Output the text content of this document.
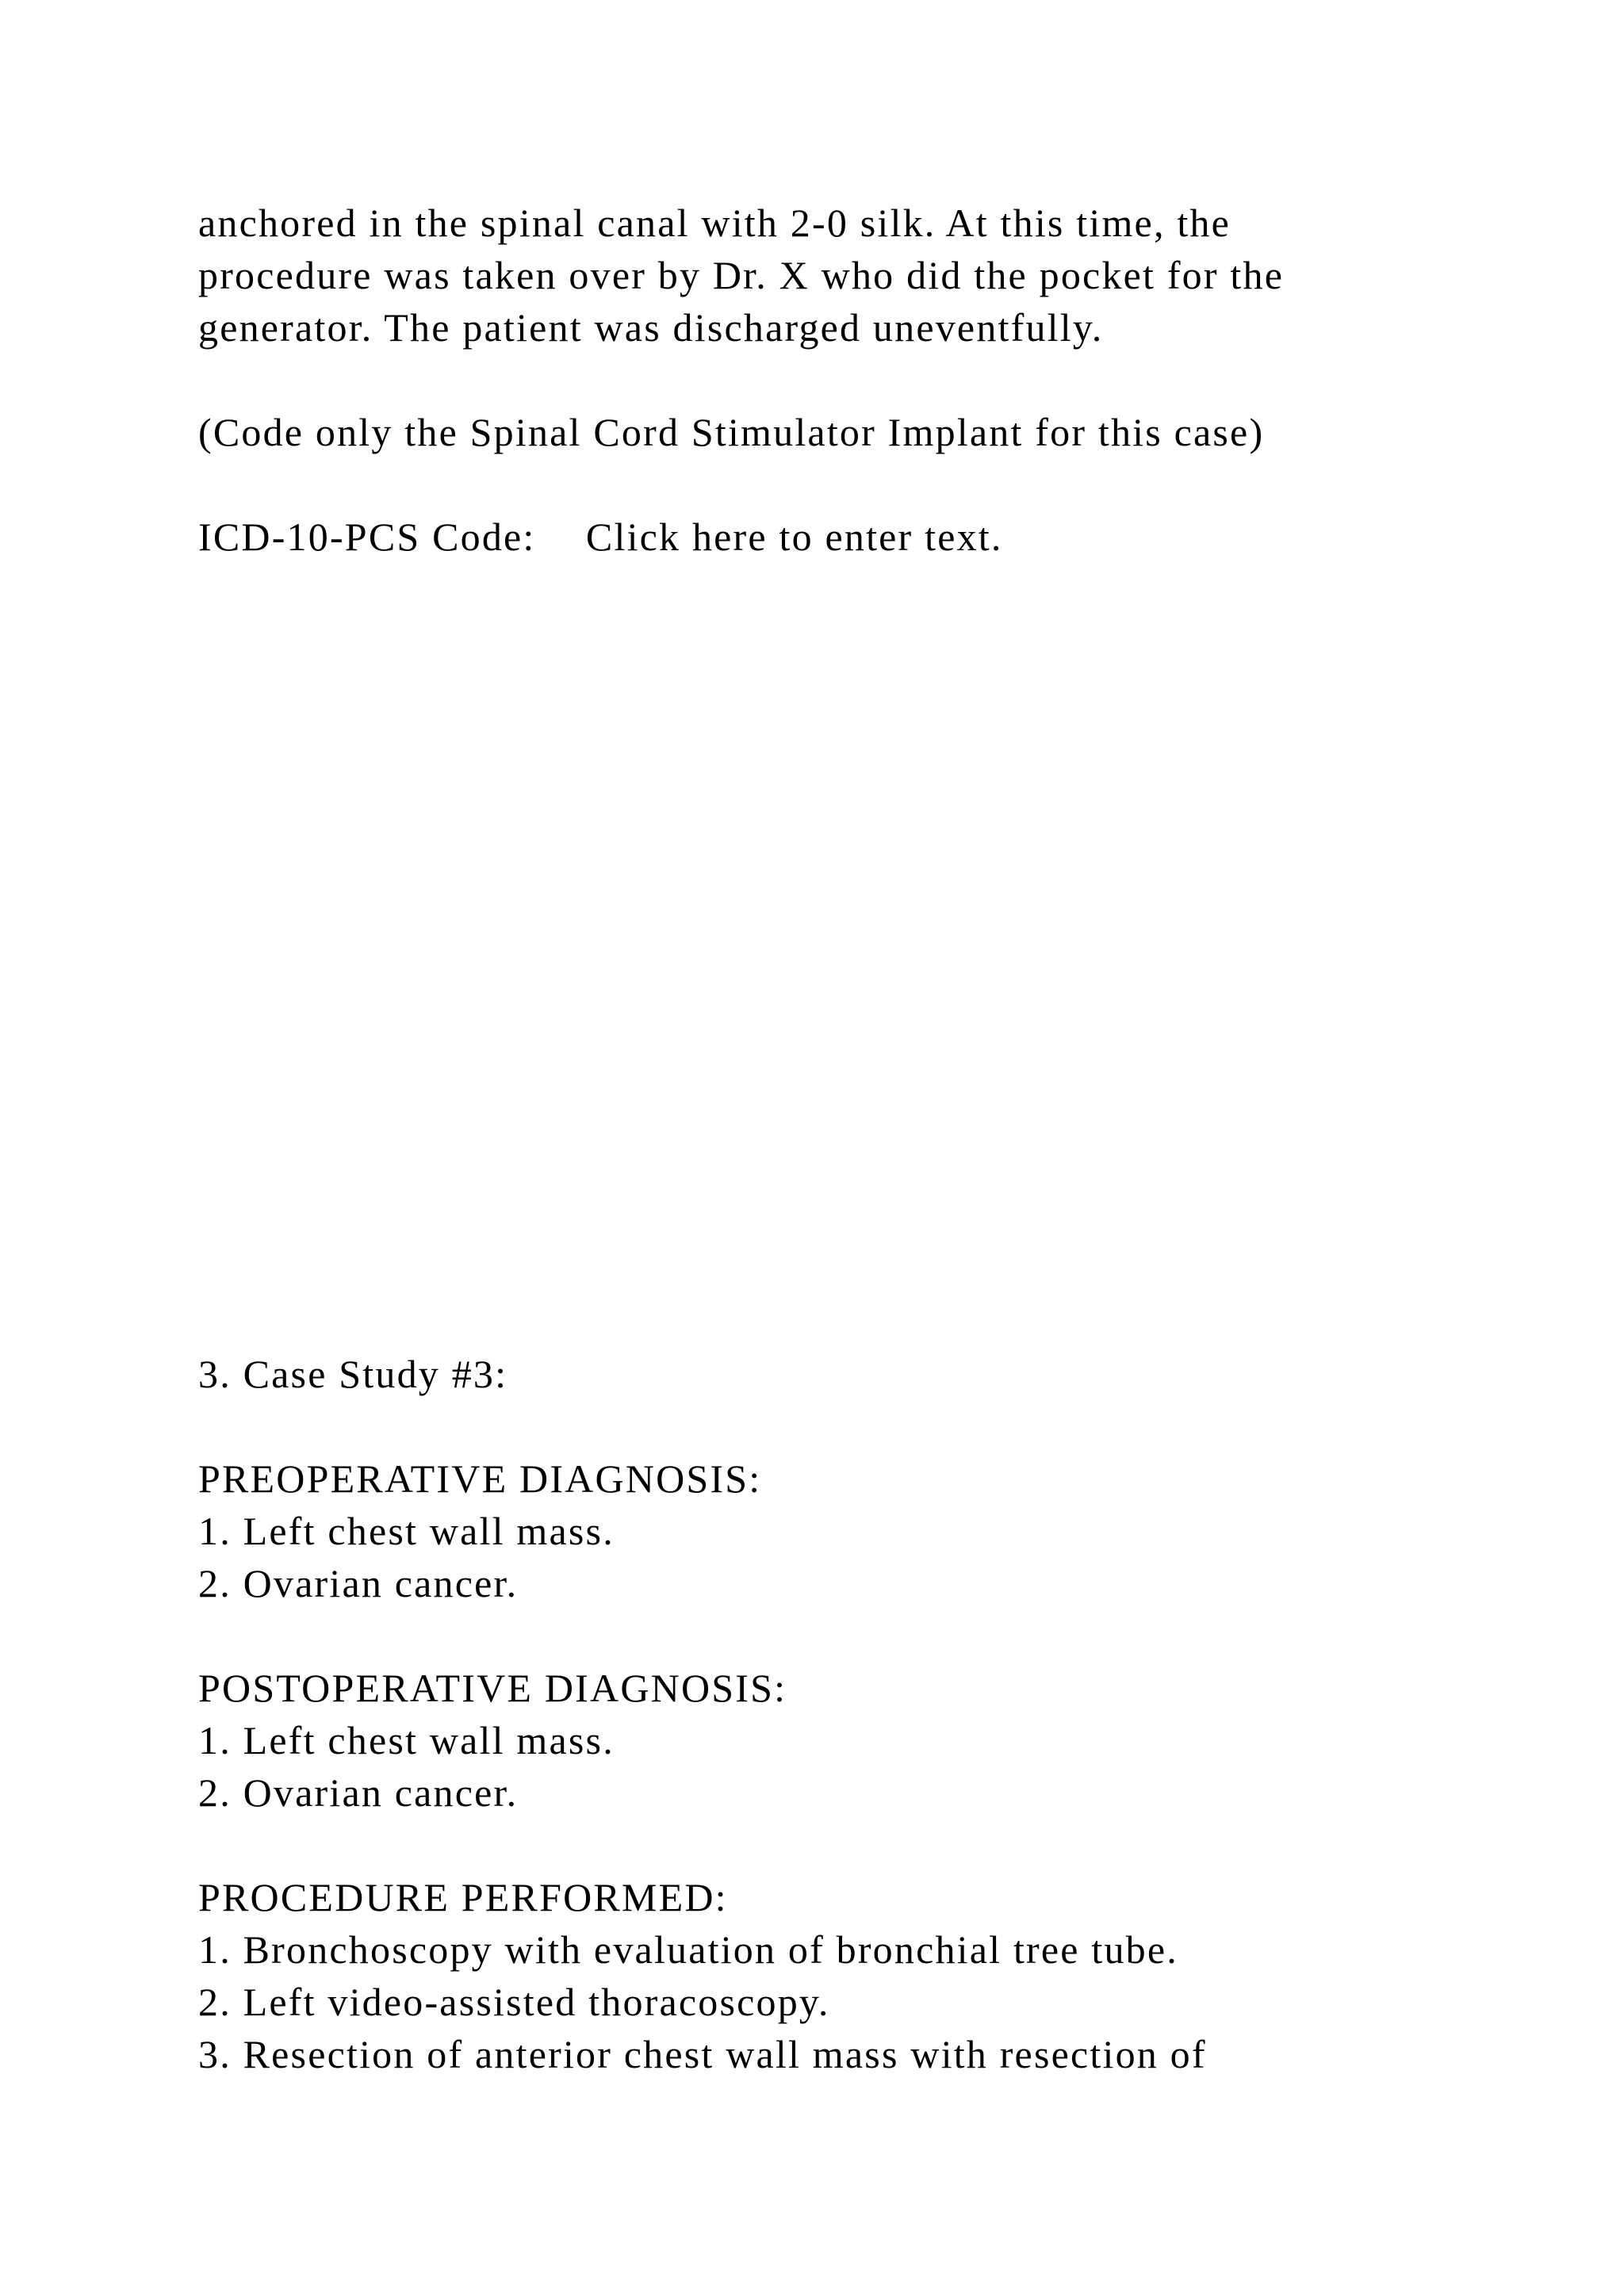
anchored in the spinal canal with 2-0 silk. At this time, the
procedure was taken over by Dr. X who did the pocket for the
generator. The patient was discharged uneventfully.
(Code only the Spinal Cord Stimulator Implant for this case)
ICD-10-PCS Code: Click here to enter text.
3. Case Study #3:
PREOPERATIVE DIAGNOSIS:
1. Left chest wall mass.
2. Ovarian cancer.
POSTOPERATIVE DIAGNOSIS:
1. Left chest wall mass.
2. Ovarian cancer.
PROCEDURE PERFORMED:
1. Bronchoscopy with evaluation of bronchial tree tube.
2. Left video-assisted thoracoscopy.
3. Resection of anterior chest wall mass with resection of
